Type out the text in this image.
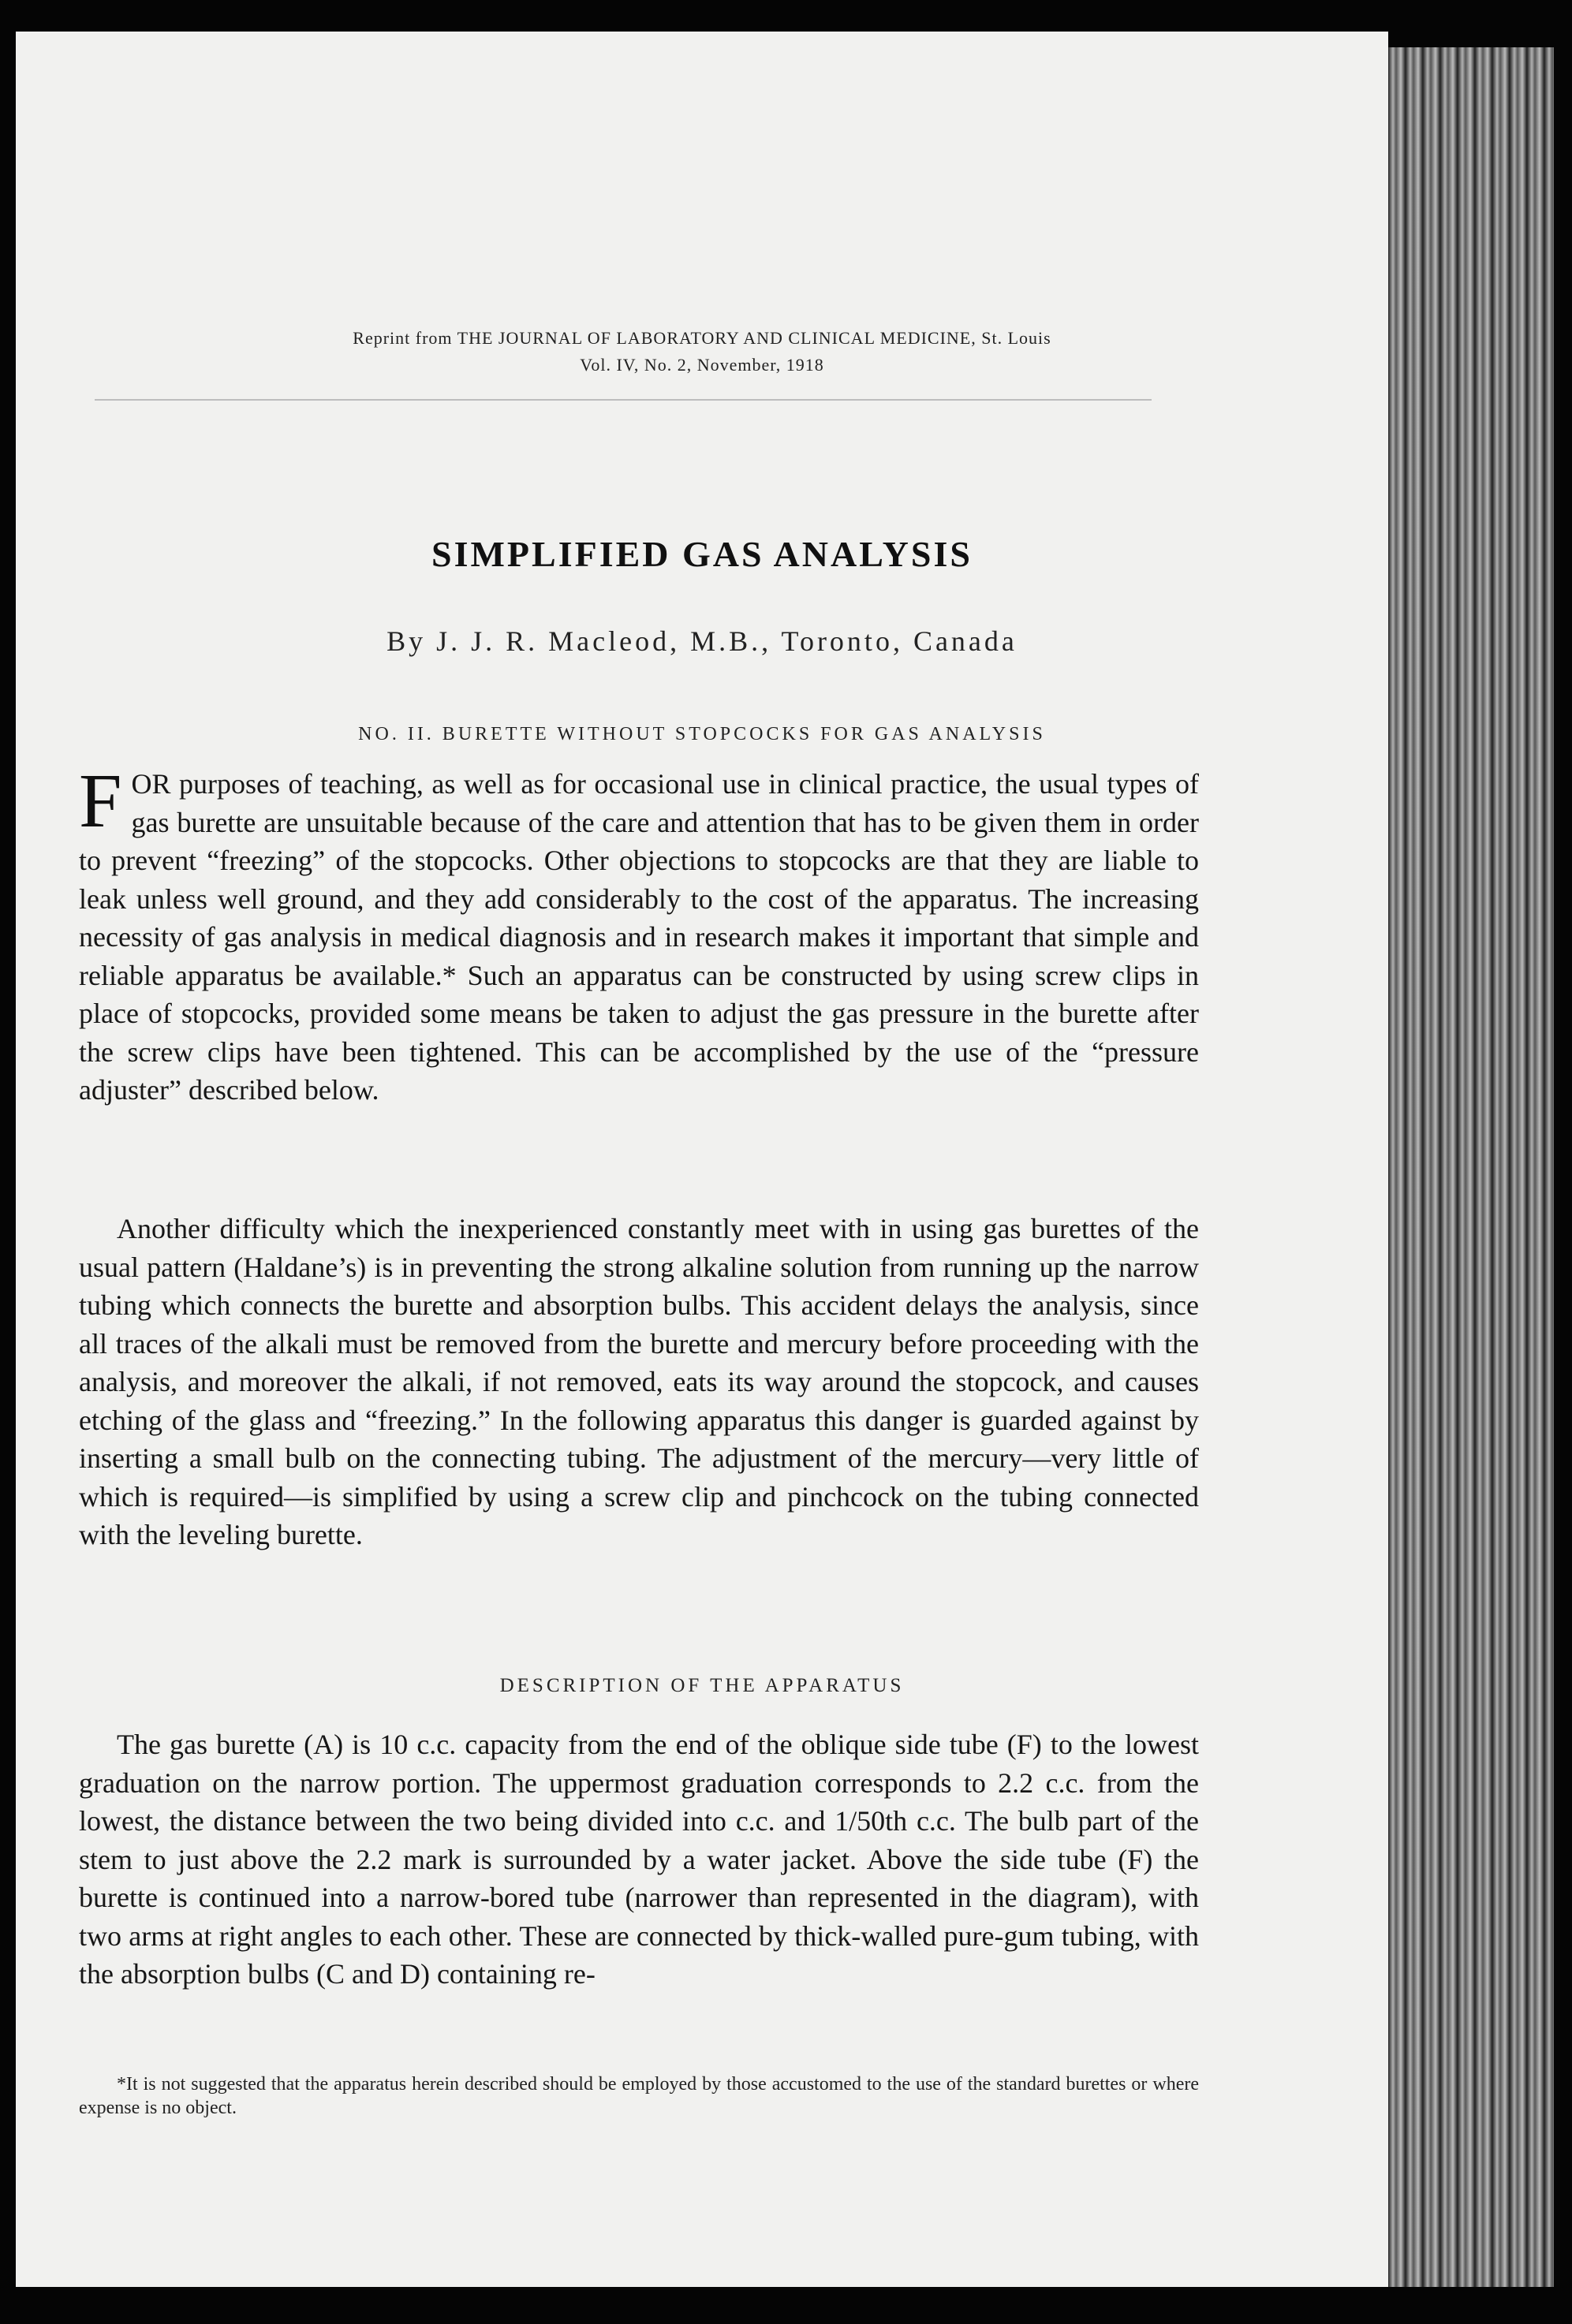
Reprint from THE JOURNAL OF LABORATORY AND CLINICAL MEDICINE, St. Louis
Vol. IV, No. 2, November, 1918
SIMPLIFIED GAS ANALYSIS
By J. J. R. Macleod, M.B., Toronto, Canada
NO. II. BURETTE WITHOUT STOPCOCKS FOR GAS ANALYSIS
FOR purposes of teaching, as well as for occasional use in clinical practice, the usual types of gas burette are unsuitable because of the care and attention that has to be given them in order to prevent “freezing” of the stopcocks. Other objections to stopcocks are that they are liable to leak unless well ground, and they add considerably to the cost of the apparatus. The increasing necessity of gas analysis in medical diagnosis and in research makes it important that simple and reliable apparatus be available.* Such an apparatus can be constructed by using screw clips in place of stopcocks, provided some means be taken to adjust the gas pressure in the burette after the screw clips have been tightened. This can be accomplished by the use of the “pressure adjuster” described below.
Another difficulty which the inexperienced constantly meet with in using gas burettes of the usual pattern (Haldane’s) is in preventing the strong alkaline solution from running up the narrow tubing which connects the burette and absorption bulbs. This accident delays the analysis, since all traces of the alkali must be removed from the burette and mercury before proceeding with the analysis, and moreover the alkali, if not removed, eats its way around the stopcock, and causes etching of the glass and “freezing.” In the following apparatus this danger is guarded against by inserting a small bulb on the connecting tubing. The adjustment of the mercury—very little of which is required—is simplified by using a screw clip and pinchcock on the tubing connected with the leveling burette.
DESCRIPTION OF THE APPARATUS
The gas burette (A) is 10 c.c. capacity from the end of the oblique side tube (F) to the lowest graduation on the narrow portion. The uppermost graduation corresponds to 2.2 c.c. from the lowest, the distance between the two being divided into c.c. and 1/50th c.c. The bulb part of the stem to just above the 2.2 mark is surrounded by a water jacket. Above the side tube (F) the burette is continued into a narrow-bored tube (narrower than represented in the diagram), with two arms at right angles to each other. These are connected by thick-walled pure-gum tubing, with the absorption bulbs (C and D) containing re-
*It is not suggested that the apparatus herein described should be employed by those accustomed to the use of the standard burettes or where expense is no object.
